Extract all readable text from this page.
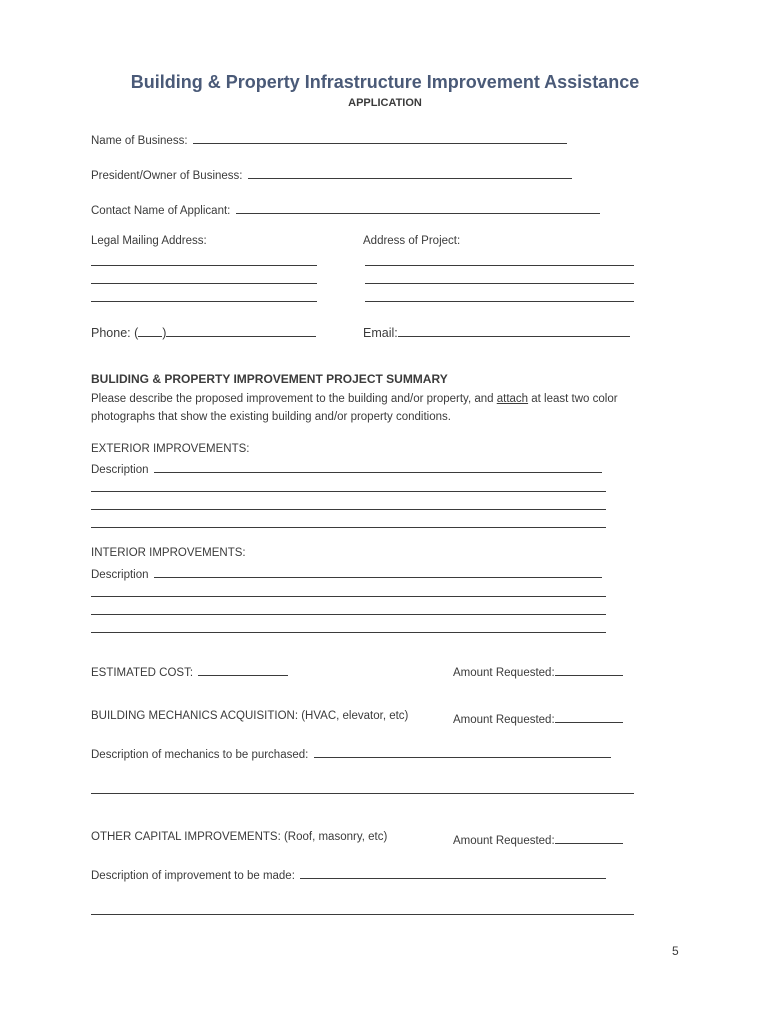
Building & Property Infrastructure Improvement Assistance
APPLICATION
Name of Business:
President/Owner of Business:
Contact Name of Applicant:
Legal Mailing Address:	Address of Project:
Phone: ( )	Email:
BULIDING & PROPERTY IMPROVEMENT PROJECT SUMMARY
Please describe the proposed improvement to the building and/or property, and attach at least two color photographs that show the existing building and/or property conditions.
EXTERIOR IMPROVEMENTS:
Description
INTERIOR IMPROVEMENTS:
Description
ESTIMATED COST:	Amount Requested:
BUILDING MECHANICS ACQUISITION: (HVAC, elevator, etc)	Amount Requested:
Description of mechanics to be purchased:
OTHER CAPITAL IMPROVEMENTS: (Roof, masonry, etc)	Amount Requested:
Description of improvement to be made:
5
